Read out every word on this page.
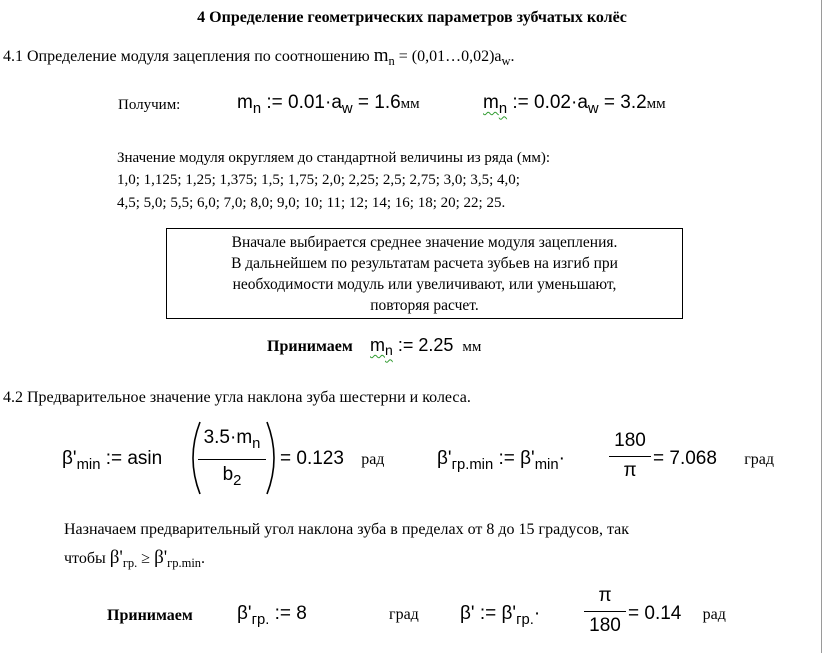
4 Определение геометрических параметров зубчатых колёс
4.1 Определение модуля зацепления по соотношению $m_n$ = $(0,01\dots 0,02)a_w$.
Получим:	$m_n$ := $0.01\cdot a_w = 1.6мм$	$m_n$ := $0.02\cdot a_w = 3.2мм$
Значение модуля округляем до стандартной величины из ряда (мм):
1,0; 1,125; 1,25; 1,375; 1,5; 1,75; 2,0; 2,25; 2,5; 2,75; 3,0; 3,5; 4,0;
4,5; 5,0; 5,5; 6,0; 7,0; 8,0; 9,0; 10; 11; 12; 14; 16; 18; 20; 22; 25.
Вначале выбирается среднее значение модуля зацепления.
В дальнейшем по результатам расчета зубьев на изгиб при
необходимости модуль или увеличивают, или уменьшают,
повторяя расчет.
Принимаем $m_n$ := 2.25 мм
4.2 Предварительное значение угла наклона зуба шестерни и колеса.
$\beta'_{min}$ := asin
$3.5\cdot m_n$
$b_2$
= 0.123 рад	$\beta'_{гр.min}$ := $\beta'_{min}\cdot$
180
π
= 7.068 град
Назначаем предварительный угол наклона зуба в пределах от 8 до 15 градусов, так
чтобы $\beta'_{гр.} \ge \beta'_{гр.min}$.
Принимаем $\beta'_{гр.}$ := 8	град β' := $\beta'_{гр.}\cdot$
π
180
= 0.14 рад
